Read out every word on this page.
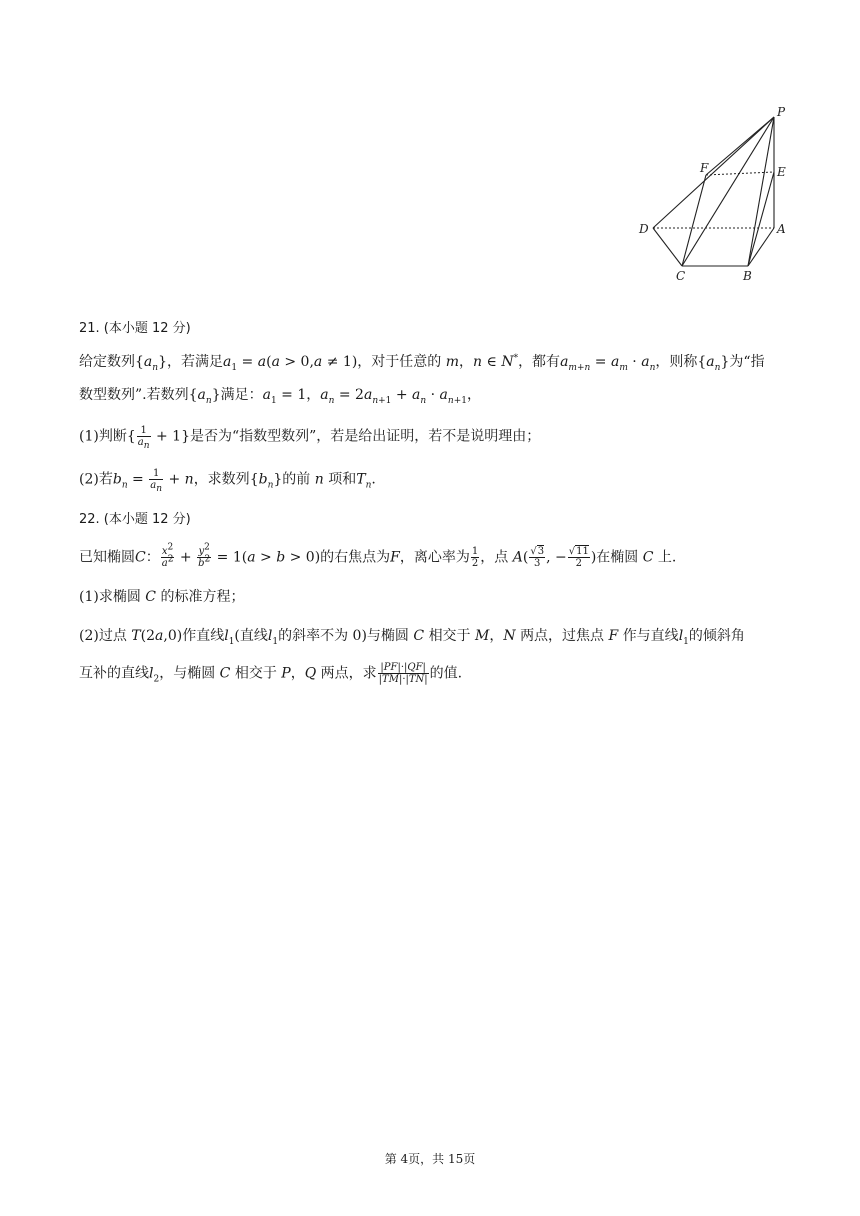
P
E
F
D	A
C	B
21. (本小题 12 分)
给定数列$\{a_n\}$，若满足$a_1 = a(a > 0,a \ne 1)$，对于任意的 m，n ∈ N*，都有$a_{m+n} = a_m \cdot a_n$，则称$\{a_n\}$为“指
数型数列”.若数列$\{a_n\}$满足：$a_1 = 1$，$a_n = 2a_{n+1} + a_n \cdot a_{n+1}$，
(1)判断{ $\frac{1}{a_n} + 1$}是否为“指数型数列”，若是给出证明，若不是说明理由；
(2)若$b_n = \frac{1}{a_n} + n$，求数列$\{b_n\}$的前 n 项和$T_n$.
22. (本小题 12 分)
已知椭圆C： $\frac{x^2}{a^2} + \frac{y^2}{b^2} = 1(a > b > 0)$的右焦点为F，离心率为 $\frac{1}{2}$ ，点 $A( \frac{√3}{3}$ , − $\frac{√11}{2}$ )在椭圆 C 上.
(1)求椭圆 C 的标准方程；
(2)过点 T(2a,0)作直线$l_1$(直线$l_1$的斜率不为 0)与椭圆 C 相交于 M，N 两点，过焦点 F 作与直线$l_1$的倾斜角
互补的直线$l_2$，与椭圆 C 相交于 P，Q 两点，求 $\frac{|PF|\cdot|QF|}{|TM|\cdot|TN|}$ 的值.
第 4页，共 15页
